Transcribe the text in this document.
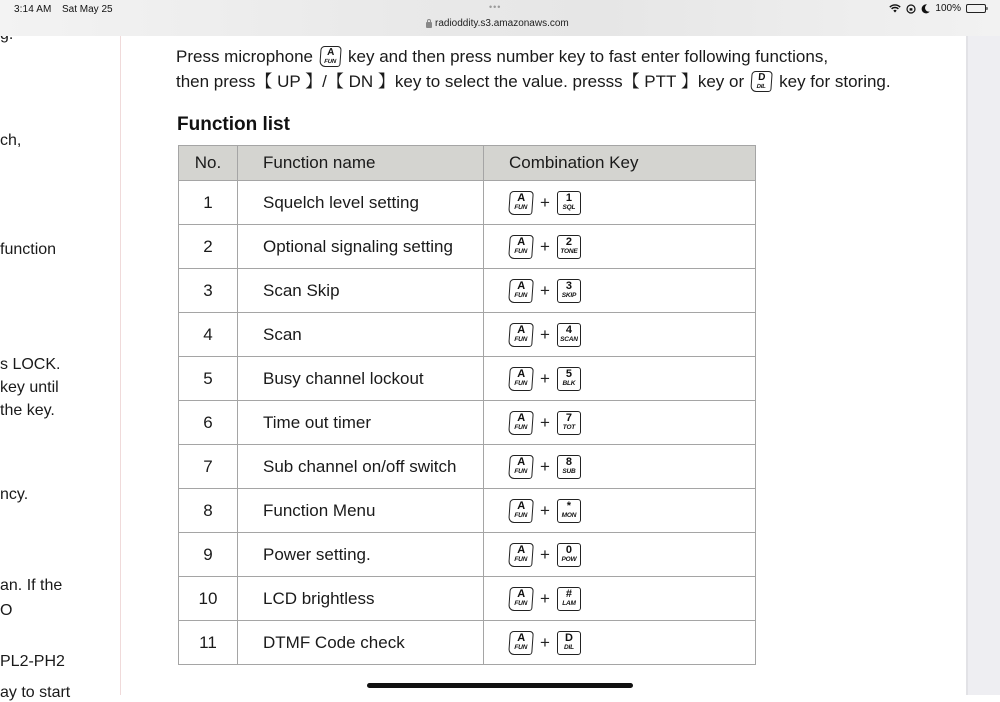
3:14 AM Sat May 25	•••
radioddity.s3.amazonaws.com
100%
ch,
function
s LOCK.
key until
the key.
ncy.
an. If the
O
PL2-PH2
ay to start
Press microphone A
FUN key and then press number key to fast enter following functions,
then press【 UP 】/【 DN 】key to select the value. presss【 PTT 】key or D
DIL key for storing.
Function list
No.	Function name	Combination Key
1	Squelch level setting	A
FUN + 1
SQL

2	Optional signaling setting	A
FUN + 2
TONE

3	Scan Skip	A
FUN + 3
SKIP

4	Scan	A
FUN + 4
SCAN

5	Busy channel lockout	A
FUN + 5
BLK

6	Time out timer	A
FUN + 7
TOT

7	Sub channel on/off switch	A
FUN + 8
SUB

8	Function Menu	A
FUN + *
MON

9	Power setting.	A
FUN + 0
POW

10	LCD brightless	A
FUN + #
LAM

11	DTMF Code check	A
FUN + D
DIL
